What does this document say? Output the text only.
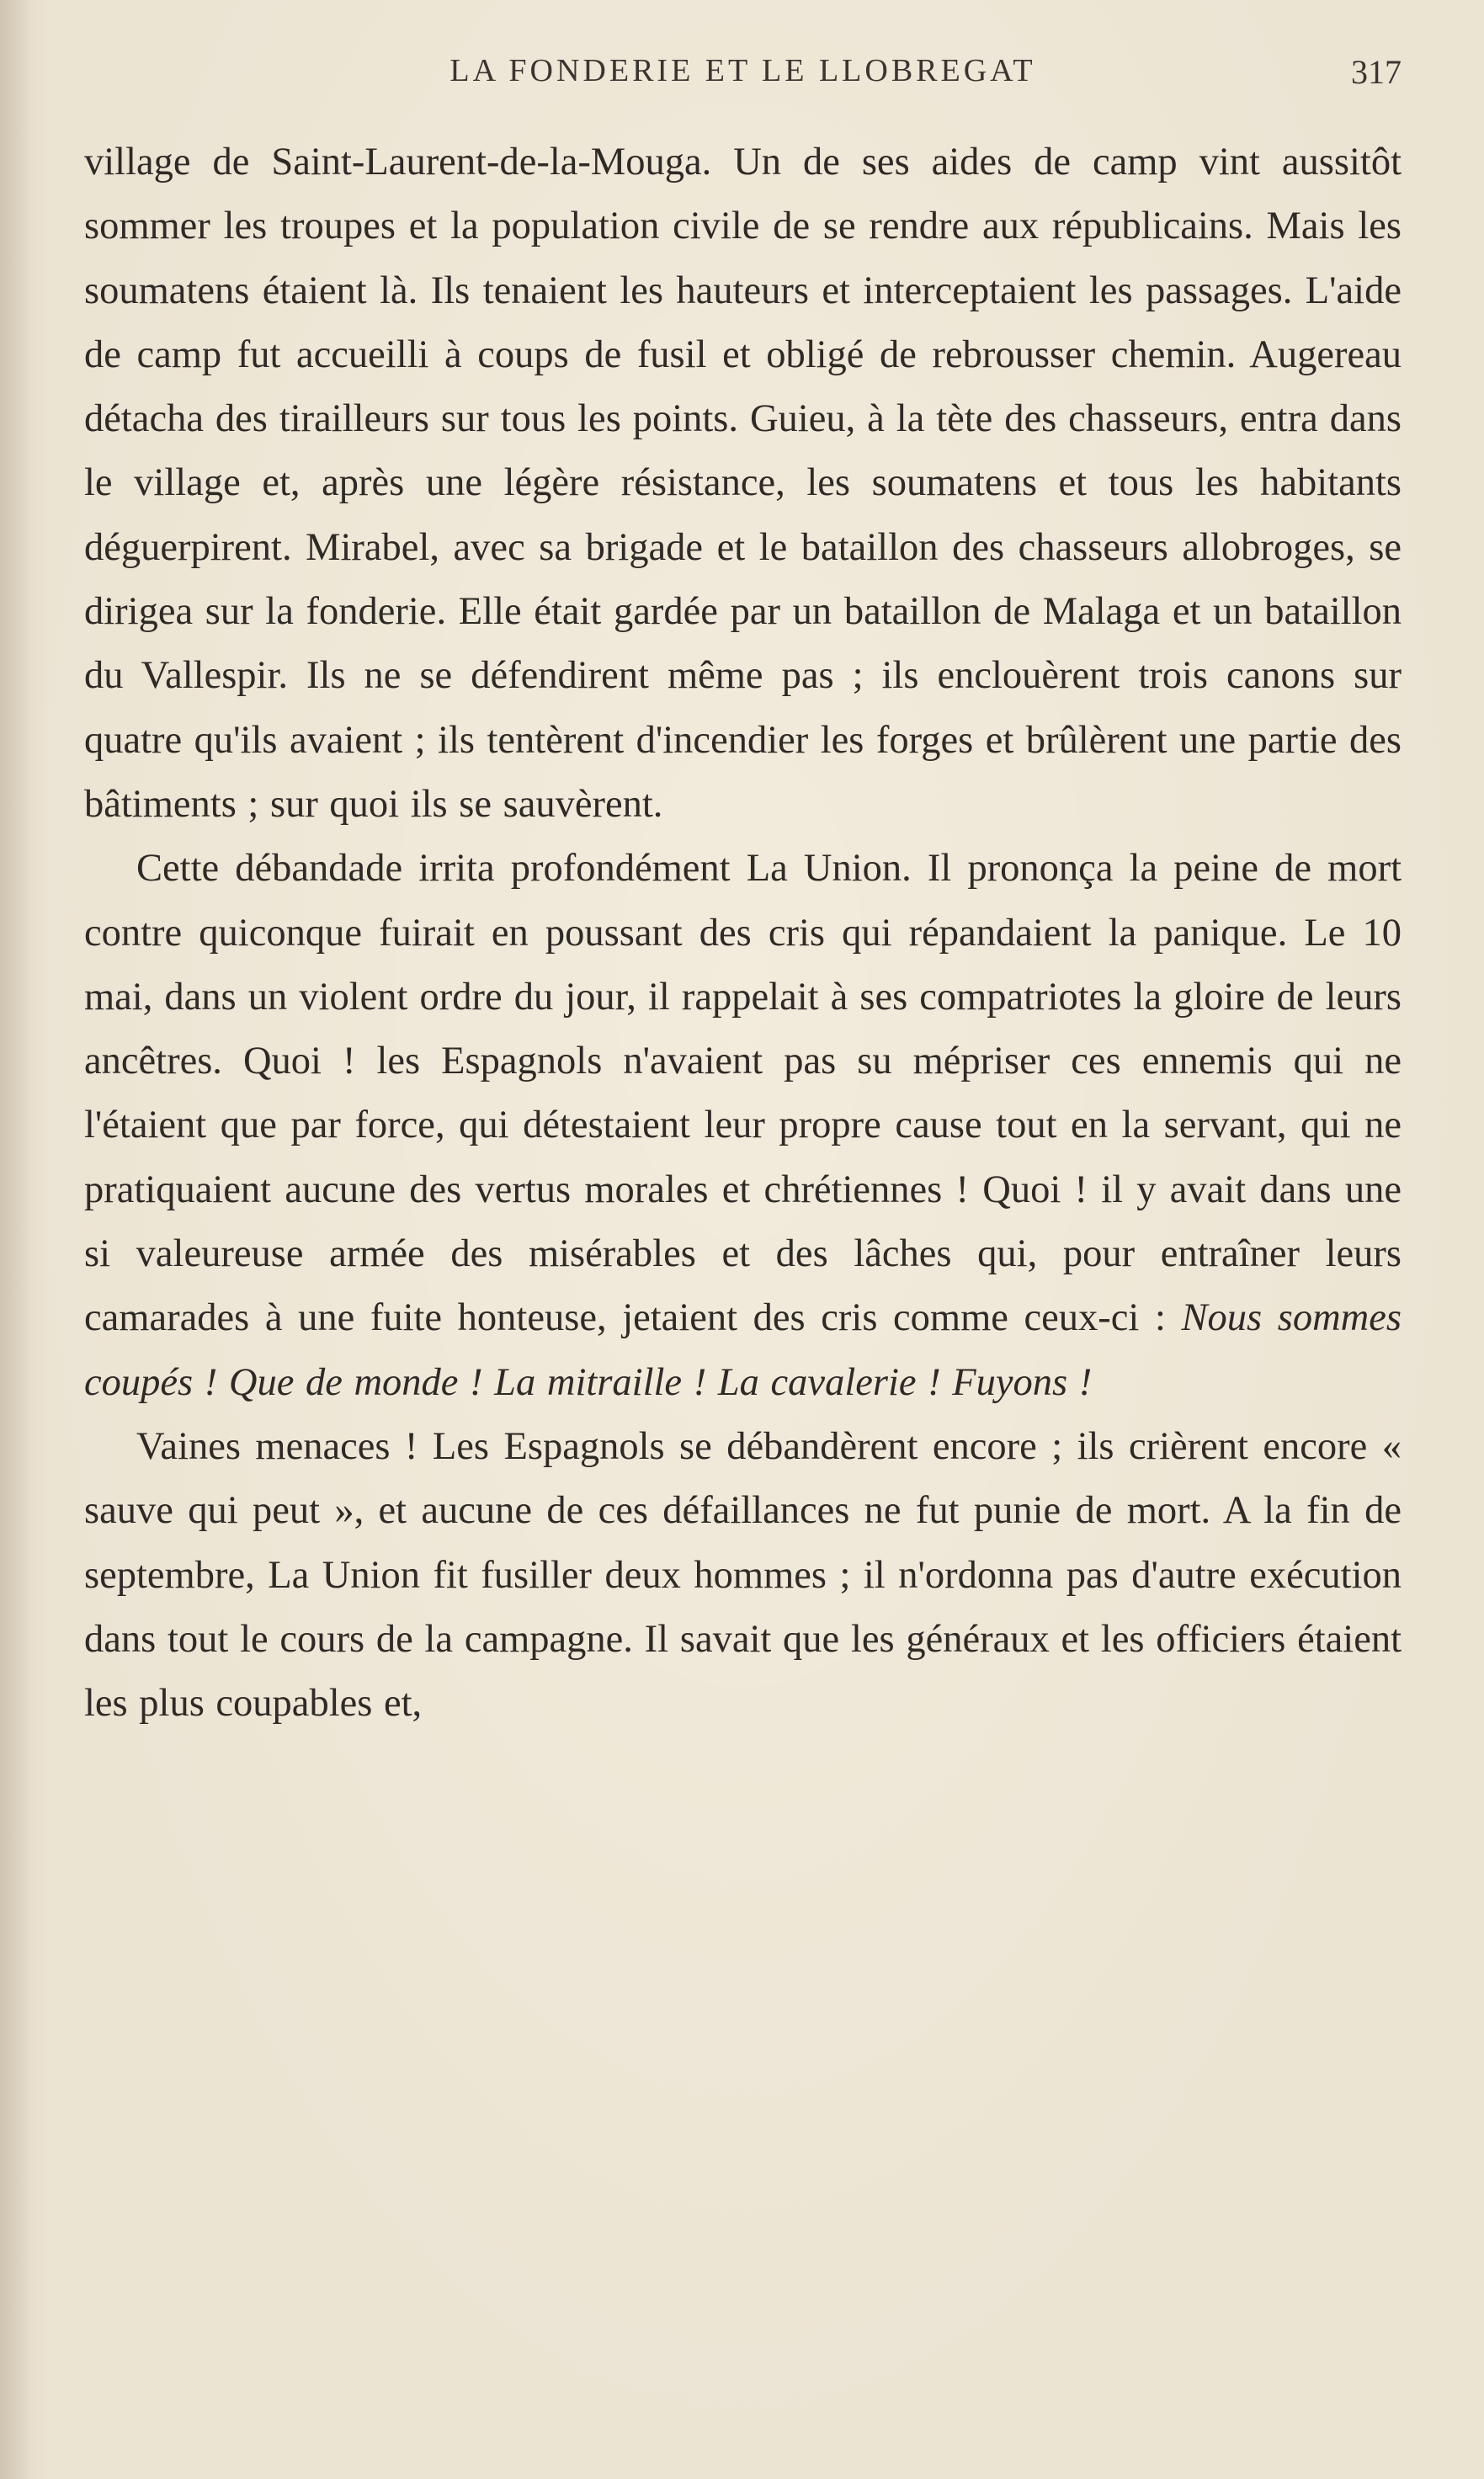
LA FONDERIE ET LE LLOBREGAT	317

village de Saint-Laurent-de-la-Mouga. Un de ses aides de camp vint aussitôt sommer les troupes et la population civile de se rendre aux républicains. Mais les soumatens étaient là. Ils tenaient les hauteurs et interceptaient les passages. L'aide de camp fut accueilli à coups de fusil et obligé de rebrousser chemin. Augereau détacha des tirailleurs sur tous les points. Guieu, à la tète des chasseurs, entra dans le village et, après une légère résistance, les soumatens et tous les habitants déguerpirent. Mirabel, avec sa brigade et le bataillon des chasseurs allobroges, se dirigea sur la fonderie. Elle était gardée par un bataillon de Malaga et un bataillon du Vallespir. Ils ne se défendirent même pas ; ils enclouèrent trois canons sur quatre qu'ils avaient ; ils tentèrent d'incendier les forges et brûlèrent une partie des bâtiments ; sur quoi ils se sauvèrent.

Cette débandade irrita profondément La Union. Il prononça la peine de mort contre quiconque fuirait en poussant des cris qui répandaient la panique. Le 10 mai, dans un violent ordre du jour, il rappelait à ses compatriotes la gloire de leurs ancêtres. Quoi ! les Espagnols n'avaient pas su mépriser ces ennemis qui ne l'étaient que par force, qui détestaient leur propre cause tout en la servant, qui ne pratiquaient aucune des vertus morales et chrétiennes ! Quoi ! il y avait dans une si valeureuse armée des misérables et des lâches qui, pour entraîner leurs camarades à une fuite honteuse, jetaient des cris comme ceux-ci : Nous sommes coupés ! Que de monde ! La mitraille ! La cavalerie ! Fuyons !

Vaines menaces ! Les Espagnols se débandèrent encore ; ils crièrent encore « sauve qui peut », et aucune de ces défaillances ne fut punie de mort. A la fin de septembre, La Union fit fusiller deux hommes ; il n'ordonna pas d'autre exécution dans tout le cours de la campagne. Il savait que les généraux et les officiers étaient les plus coupables et,
